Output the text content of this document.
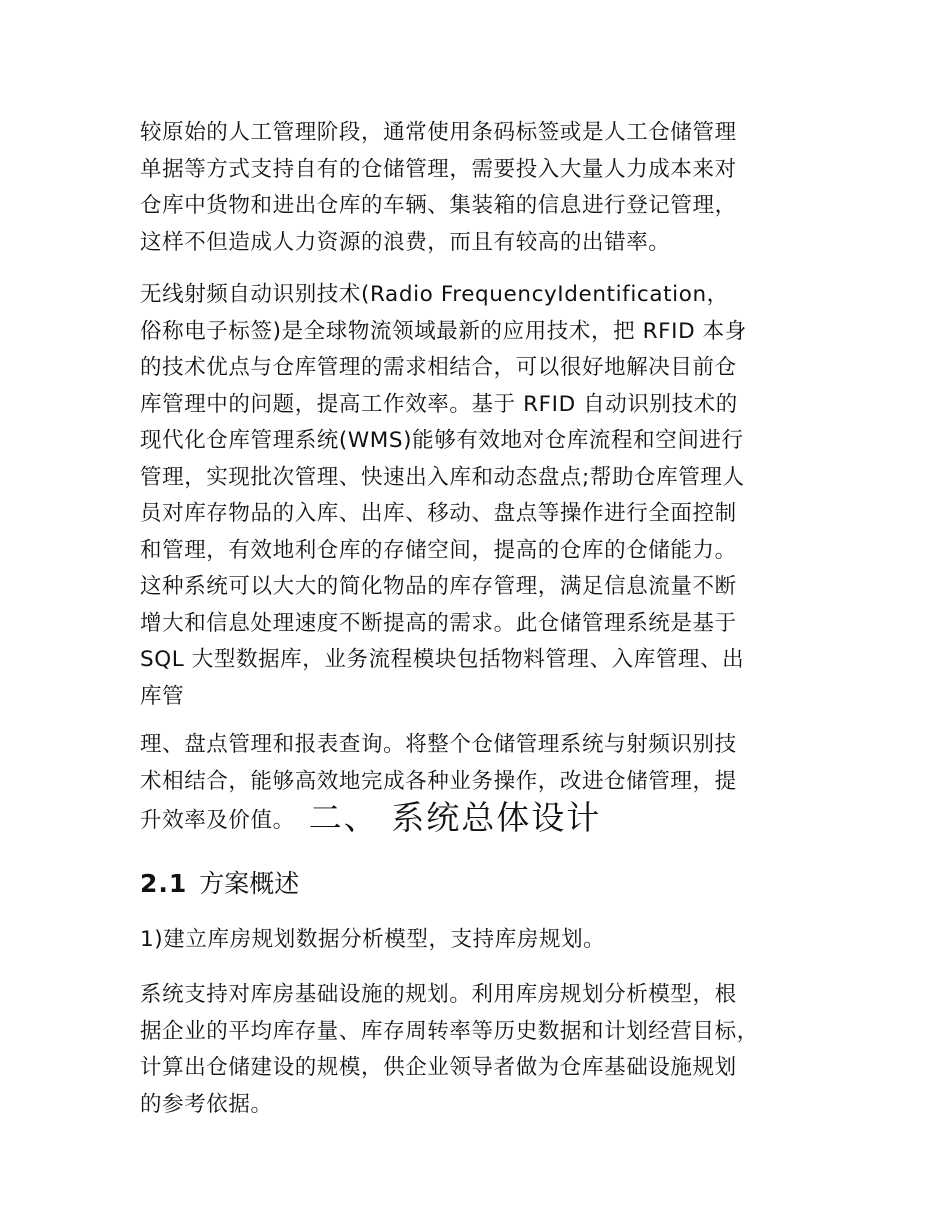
较原始的人工管理阶段，通常使用条码标签或是人工仓储管理
单据等方式支持自有的仓储管理，需要投入大量人力成本来对
仓库中货物和进出仓库的车辆、集装箱的信息进行登记管理，
这样不但造成人力资源的浪费，而且有较高的出错率。
无线射频自动识别技术(Radio FrequencyIdentification，
俗称电子标签)是全球物流领域最新的应用技术，把 RFID 本身
的技术优点与仓库管理的需求相结合，可以很好地解决目前仓
库管理中的问题，提高工作效率。基于 RFID 自动识别技术的
现代化仓库管理系统(WMS)能够有效地对仓库流程和空间进行
管理，实现批次管理、快速出入库和动态盘点;帮助仓库管理人
员对库存物品的入库、出库、移动、盘点等操作进行全面控制
和管理，有效地利仓库的存储空间，提高的仓库的仓储能力。
这种系统可以大大的简化物品的库存管理，满足信息流量不断
增大和信息处理速度不断提高的需求。此仓储管理系统是基于
SQL 大型数据库，业务流程模块包括物料管理、入库管理、出
库管
理、盘点管理和报表查询。将整个仓储管理系统与射频识别技
术相结合，能够高效地完成各种业务操作，改进仓储管理，提
升效率及价值。 二、 系统总体设计
2.1 方案概述
1)建立库房规划数据分析模型，支持库房规划。
系统支持对库房基础设施的规划。利用库房规划分析模型，根
据企业的平均库存量、库存周转率等历史数据和计划经营目标，
计算出仓储建设的规模，供企业领导者做为仓库基础设施规划
的参考依据。
